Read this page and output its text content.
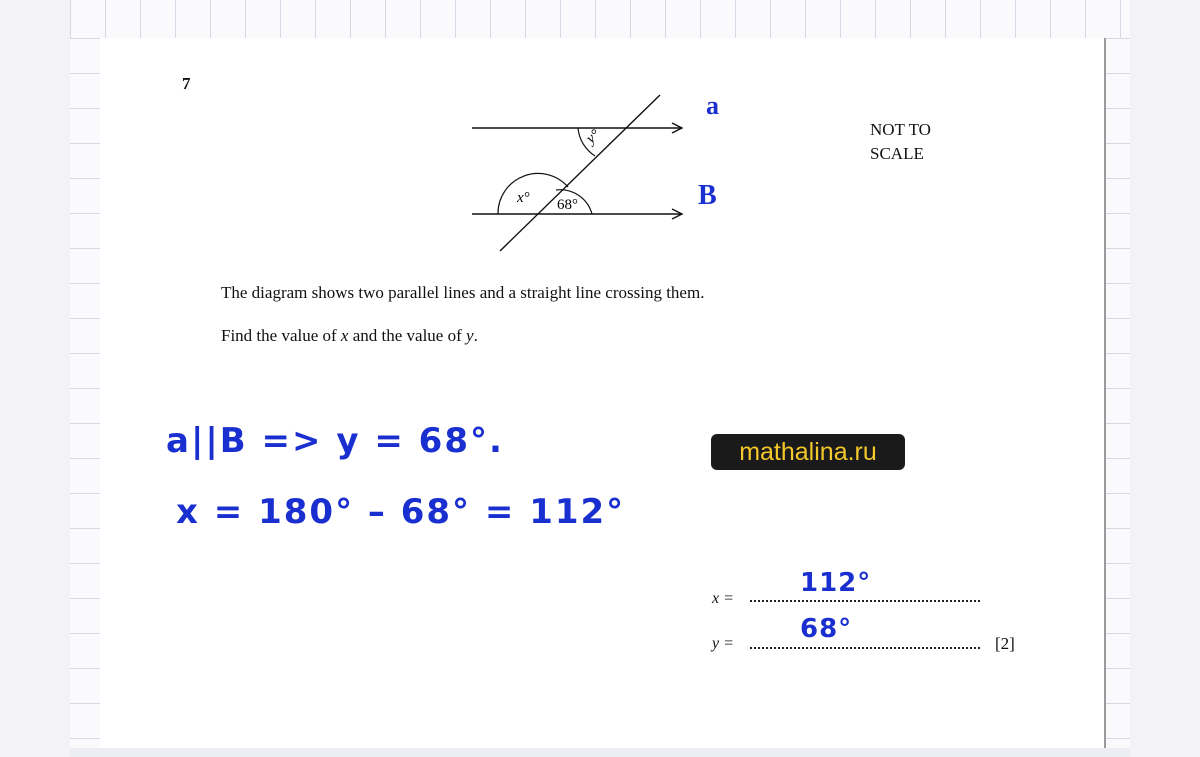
7
y°
x° 68°
a
B
NOT TO
SCALE
The diagram shows two parallel lines and a straight line crossing them.
Find the value of x and the value of y.
a||B => y = 68°.
x = 180° – 68° = 112°
x =
112°
y =	68°	[2]
mathalina.ru
